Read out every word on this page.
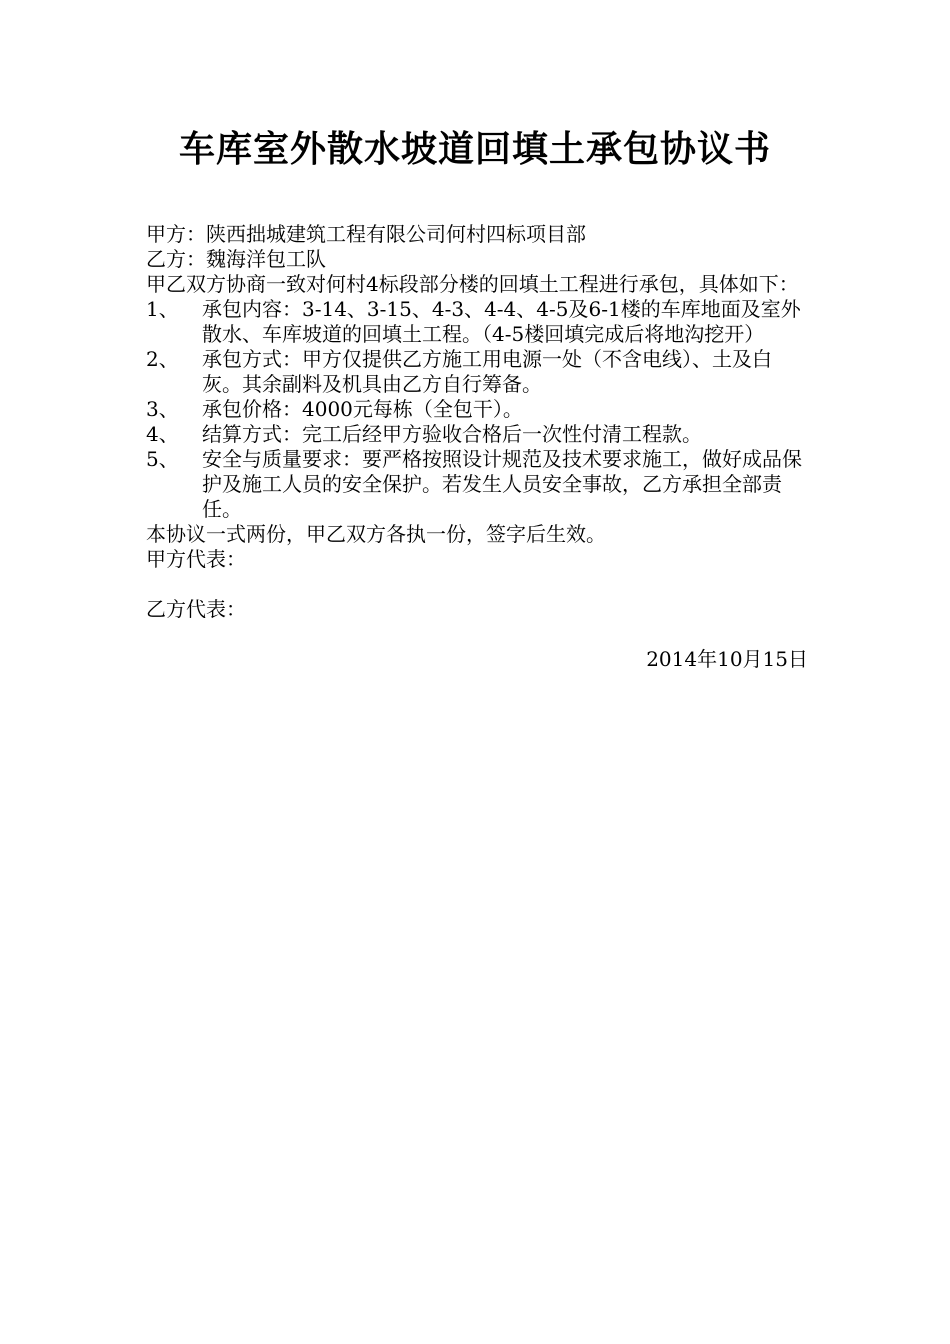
车库室外散水坡道回填土承包协议书
甲方：陕西拙城建筑工程有限公司何村四标项目部
乙方：魏海洋包工队
甲乙双方协商一致对何村4标段部分楼的回填土工程进行承包，具体如下：
1、	承包内容：3-14、3-15、4-3、4-4、4-5及6-1楼的车库地面及室外散水、车库坡道的回填土工程。（4-5楼回填完成后将地沟挖开）
2、	承包方式：甲方仅提供乙方施工用电源一处（不含电线）、土及白灰。其余副料及机具由乙方自行筹备。
3、	承包价格：4000元每栋（全包干）。
4、	结算方式：完工后经甲方验收合格后一次性付清工程款。
5、	安全与质量要求：要严格按照设计规范及技术要求施工，做好成品保护及施工人员的安全保护。若发生人员安全事故，乙方承担全部责任。
本协议一式两份，甲乙双方各执一份，签字后生效。
甲方代表：
乙方代表：
2014年10月15日
